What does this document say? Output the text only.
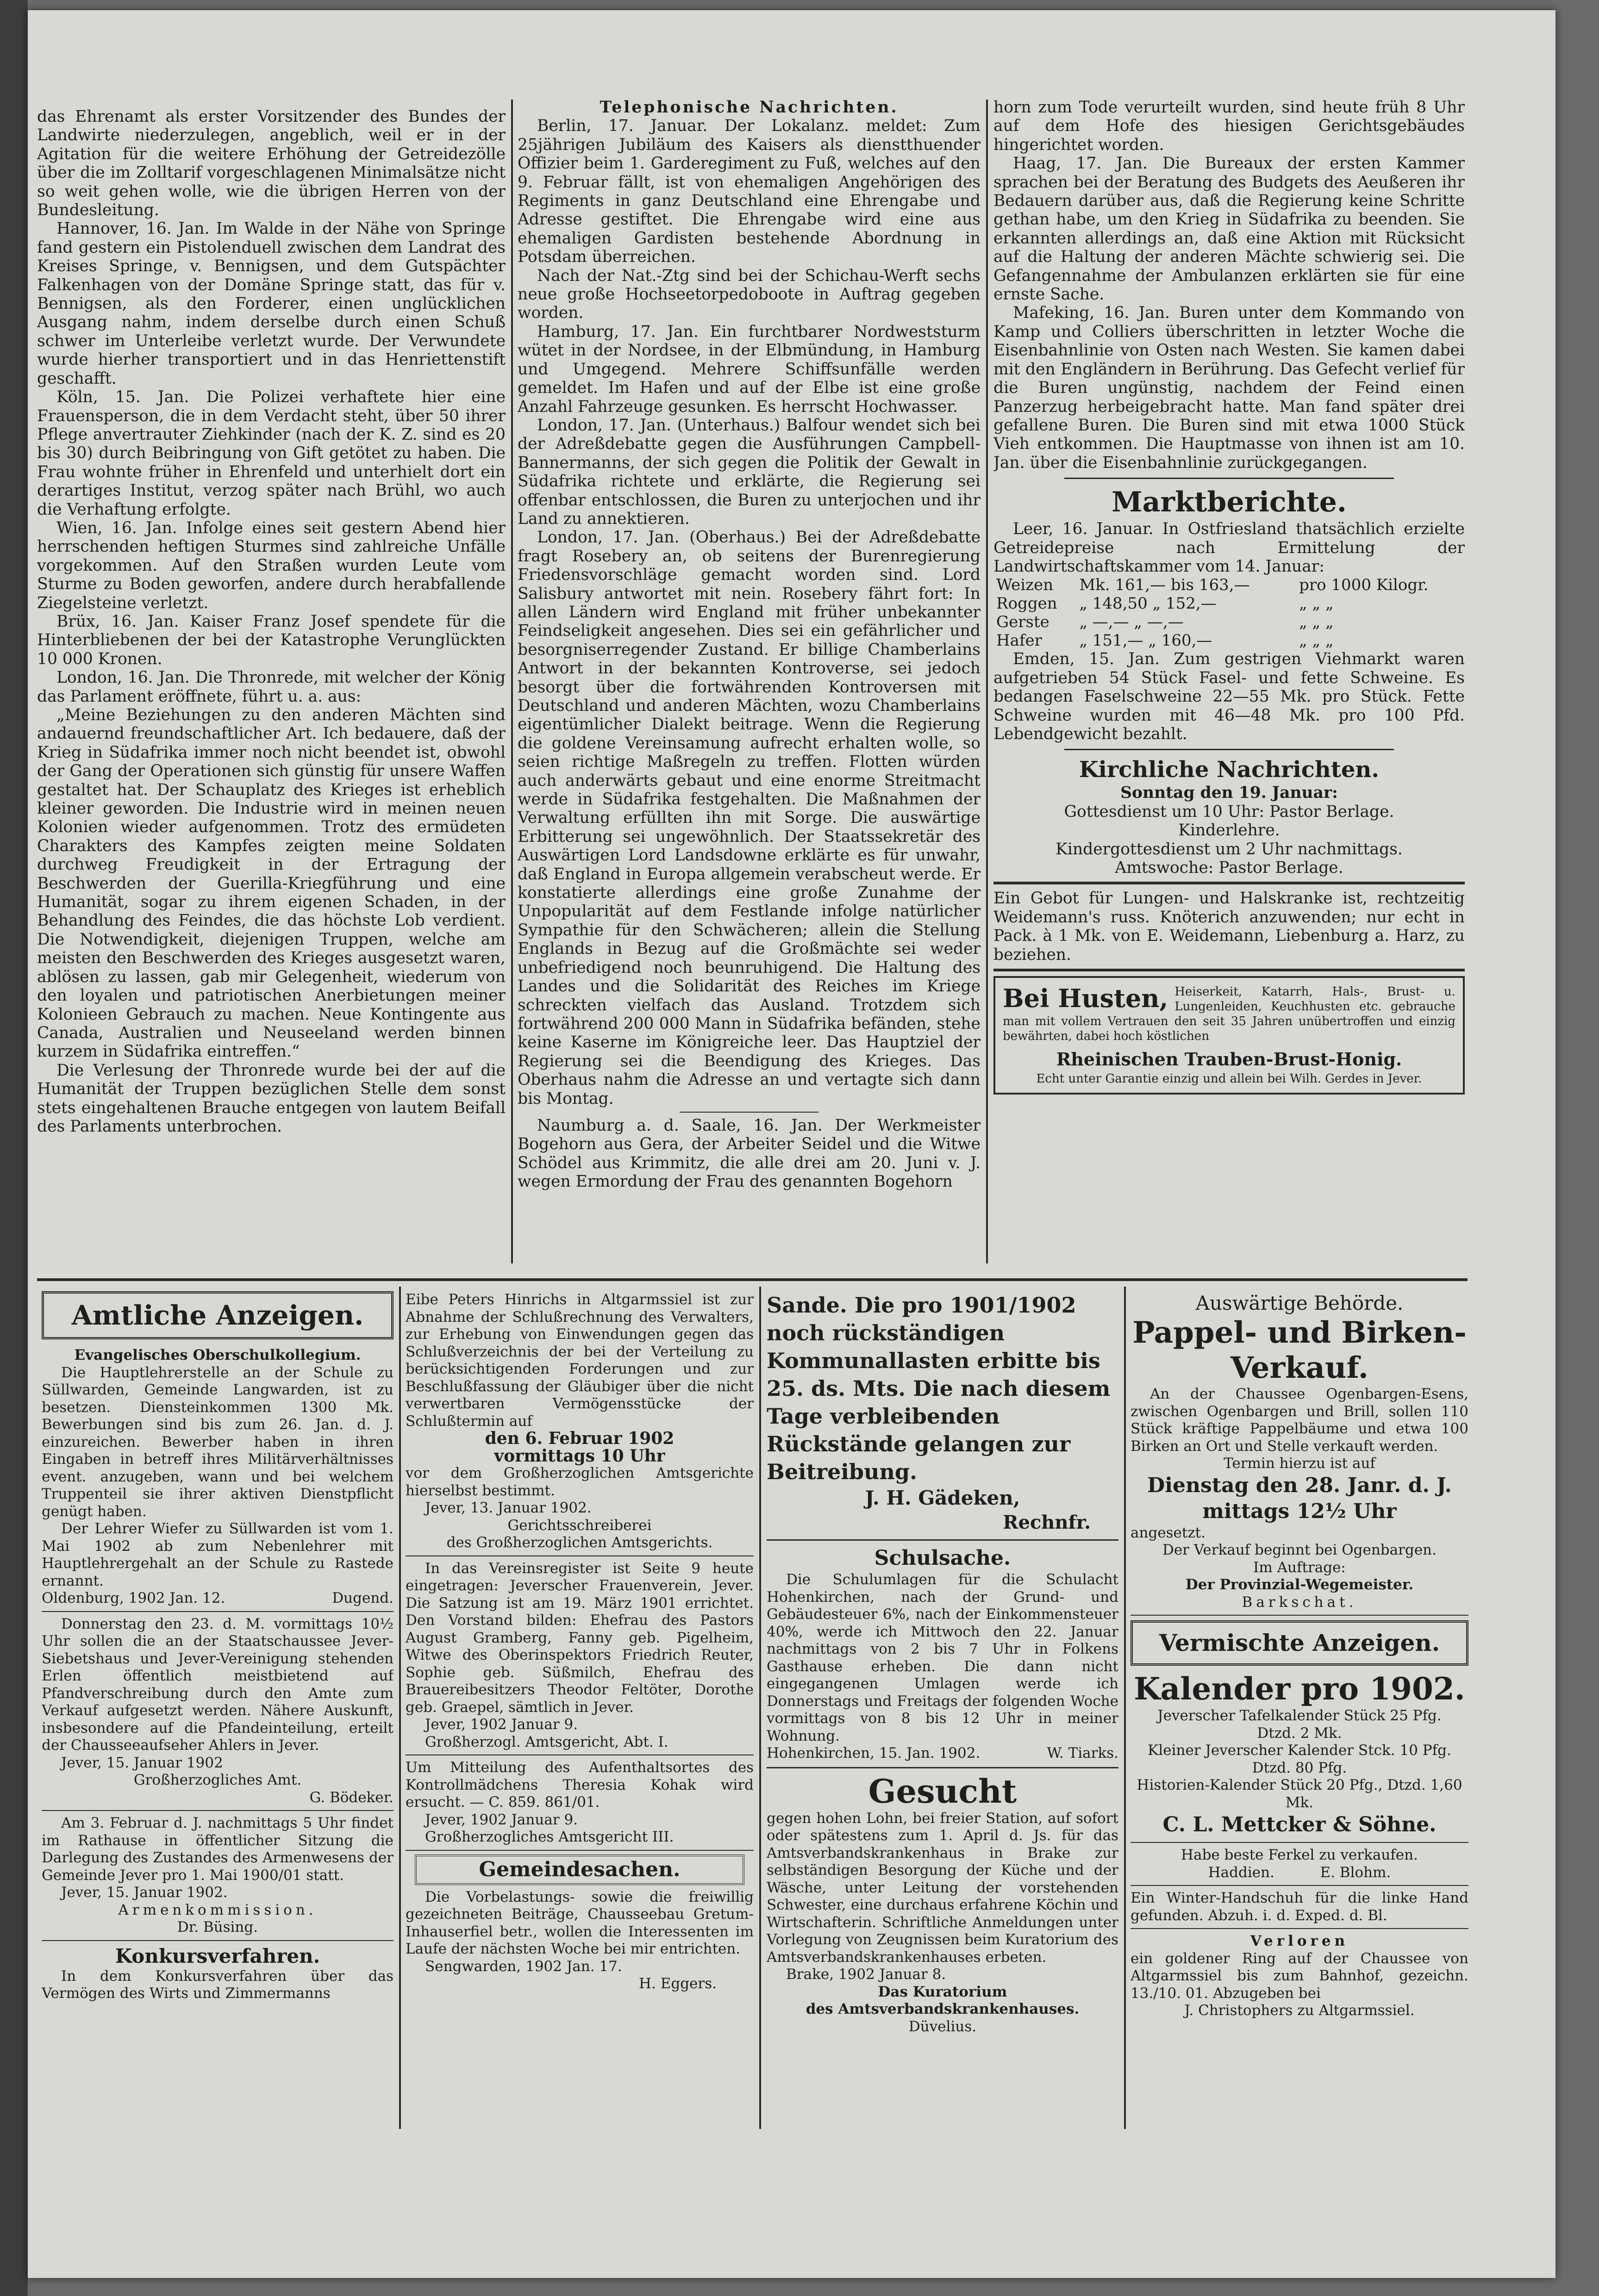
das Ehrenamt als erster Vorsitzender des Bundes der Landwirte niederzulegen, angeblich, weil er in der Agitation für die weitere Erhöhung der Getreidezölle über die im Zolltarif vorgeschlagenen Minimalsätze nicht so weit gehen wolle, wie die übrigen Herren von der Bundesleitung.

Hannover, 16. Jan. Im Walde in der Nähe von Springe fand gestern ein Pistolenduell zwischen dem Landrat des Kreises Springe, v. Bennigsen, und dem Gutspächter Falkenhagen von der Domäne Springe statt, das für v. Bennigsen, als den Forderer, einen unglücklichen Ausgang nahm, indem derselbe durch einen Schuß schwer im Unterleibe verletzt wurde. Der Verwundete wurde hierher transportiert und in das Henriettenstift geschafft.

Köln, 15. Jan. Die Polizei verhaftete hier eine Frauensperson, die in dem Verdacht steht, über 50 ihrer Pflege anvertrauter Ziehkinder (nach der K. Z. sind es 20 bis 30) durch Beibringung von Gift getötet zu haben. Die Frau wohnte früher in Ehrenfeld und unterhielt dort ein derartiges Institut, verzog später nach Brühl, wo auch die Verhaftung erfolgte.

Wien, 16. Jan. Infolge eines seit gestern Abend hier herrschenden heftigen Sturmes sind zahlreiche Unfälle vorgekommen. Auf den Straßen wurden Leute vom Sturme zu Boden geworfen, andere durch herabfallende Ziegelsteine verletzt.

Brüx, 16. Jan. Kaiser Franz Josef spendete für die Hinterbliebenen der bei der Katastrophe Verunglückten 10 000 Kronen.

London, 16. Jan. Die Thronrede, mit welcher der König das Parlament eröffnete, führt u. a. aus:

„Meine Beziehungen zu den anderen Mächten sind andauernd freundschaftlicher Art. Ich bedauere, daß der Krieg in Südafrika immer noch nicht beendet ist, obwohl der Gang der Operationen sich günstig für unsere Waffen gestaltet hat. Der Schauplatz des Krieges ist erheblich kleiner geworden. Die Industrie wird in meinen neuen Kolonien wieder aufgenommen. Trotz des ermüdeten Charakters des Kampfes zeigten meine Soldaten durchweg Freudigkeit in der Ertragung der Beschwerden der Guerilla-Kriegführung und eine Humanität, sogar zu ihrem eigenen Schaden, in der Behandlung des Feindes, die das höchste Lob verdient. Die Notwendigkeit, diejenigen Truppen, welche am meisten den Beschwerden des Krieges ausgesetzt waren, ablösen zu lassen, gab mir Gelegenheit, wiederum von den loyalen und patriotischen Anerbietungen meiner Kolonieen Gebrauch zu machen. Neue Kontingente aus Canada, Australien und Neuseeland werden binnen kurzem in Südafrika eintreffen.“

Die Verlesung der Thronrede wurde bei der auf die Humanität der Truppen bezüglichen Stelle dem sonst stets eingehaltenen Brauche entgegen von lautem Beifall des Parlaments unterbrochen.

Telephonische Nachrichten.

Berlin, 17. Januar. Der Lokalanz. meldet: Zum 25jährigen Jubiläum des Kaisers als dienstthuender Offizier beim 1. Garderegiment zu Fuß, welches auf den 9. Februar fällt, ist von ehemaligen Angehörigen des Regiments in ganz Deutschland eine Ehrengabe und Adresse gestiftet. Die Ehrengabe wird eine aus ehemaligen Gardisten bestehende Abordnung in Potsdam überreichen.

Nach der Nat.-Ztg sind bei der Schichau-Werft sechs neue große Hochseetorpedoboote in Auftrag gegeben worden.

Hamburg, 17. Jan. Ein furchtbarer Nordweststurm wütet in der Nordsee, in der Elbmündung, in Hamburg und Umgegend. Mehrere Schiffsunfälle werden gemeldet. Im Hafen und auf der Elbe ist eine große Anzahl Fahrzeuge gesunken. Es herrscht Hochwasser.

London, 17. Jan. (Unterhaus.) Balfour wendet sich bei der Adreßdebatte gegen die Ausführungen Campbell-Bannermanns, der sich gegen die Politik der Gewalt in Südafrika richtete und erklärte, die Regierung sei offenbar entschlossen, die Buren zu unterjochen und ihr Land zu annektieren.

London, 17. Jan. (Oberhaus.) Bei der Adreßdebatte fragt Rosebery an, ob seitens der Burenregierung Friedensvorschläge gemacht worden sind. Lord Salisbury antwortet mit nein. Rosebery fährt fort: In allen Ländern wird England mit früher unbekannter Feindseligkeit angesehen. Dies sei ein gefährlicher und besorgniserregender Zustand. Er billige Chamberlains Antwort in der bekannten Kontroverse, sei jedoch besorgt über die fortwährenden Kontroversen mit Deutschland und anderen Mächten, wozu Chamberlains eigentümlicher Dialekt beitrage. Wenn die Regierung die goldene Vereinsamung aufrecht erhalten wolle, so seien richtige Maßregeln zu treffen. Flotten würden auch anderwärts gebaut und eine enorme Streitmacht werde in Südafrika festgehalten. Die Maßnahmen der Verwaltung erfüllten ihn mit Sorge. Die auswärtige Erbitterung sei ungewöhnlich. Der Staatssekretär des Auswärtigen Lord Landsdowne erklärte es für unwahr, daß England in Europa allgemein verabscheut werde. Er konstatierte allerdings eine große Zunahme der Unpopularität auf dem Festlande infolge natürlicher Sympathie für den Schwächeren; allein die Stellung Englands in Bezug auf die Großmächte sei weder unbefriedigend noch beunruhigend. Die Haltung des Landes und die Solidarität des Reiches im Kriege schreckten vielfach das Ausland. Trotzdem sich fortwährend 200 000 Mann in Südafrika befänden, stehe keine Kaserne im Königreiche leer. Das Hauptziel der Regierung sei die Beendigung des Krieges. Das Oberhaus nahm die Adresse an und vertagte sich dann bis Montag.

Naumburg a. d. Saale, 16. Jan. Der Werkmeister Bogehorn aus Gera, der Arbeiter Seidel und die Witwe Schödel aus Krimmitz, die alle drei am 20. Juni v. J. wegen Ermordung der Frau des genannten Bogehorn

horn zum Tode verurteilt wurden, sind heute früh 8 Uhr auf dem Hofe des hiesigen Gerichtsgebäudes hingerichtet worden.

Haag, 17. Jan. Die Bureaux der ersten Kammer sprachen bei der Beratung des Budgets des Aeußeren ihr Bedauern darüber aus, daß die Regierung keine Schritte gethan habe, um den Krieg in Südafrika zu beenden. Sie erkannten allerdings an, daß eine Aktion mit Rücksicht auf die Haltung der anderen Mächte schwierig sei. Die Gefangennahme der Ambulanzen erklärten sie für eine ernste Sache.

Mafeking, 16. Jan. Buren unter dem Kommando von Kamp und Colliers überschritten in letzter Woche die Eisenbahnlinie von Osten nach Westen. Sie kamen dabei mit den Engländern in Berührung. Das Gefecht verlief für die Buren ungünstig, nachdem der Feind einen Panzerzug herbeigebracht hatte. Man fand später drei gefallene Buren. Die Buren sind mit etwa 1000 Stück Vieh entkommen. Die Hauptmasse von ihnen ist am 10. Jan. über die Eisenbahnlinie zurückgegangen.

Marktberichte.

Leer, 16. Januar. In Ostfriesland thatsächlich erzielte Getreidepreise nach Ermittelung der Landwirtschaftskammer vom 14. Januar:

Weizen	Mk. 161,— bis 163,—	pro 1000 Kilogr.
Roggen	„ 148,50 „ 152,—	„ „ „
Gerste	„ —,— „ —,—	„ „ „
Hafer	„ 151,— „ 160,—	„ „ „

Emden, 15. Jan. Zum gestrigen Viehmarkt waren aufgetrieben 54 Stück Fasel- und fette Schweine. Es bedangen Faselschweine 22—55 Mk. pro Stück. Fette Schweine wurden mit 46—48 Mk. pro 100 Pfd. Lebendgewicht bezahlt.

Kirchliche Nachrichten.

Sonntag den 19. Januar:

Gottesdienst um 10 Uhr: Pastor Berlage.

Kinderlehre.

Kindergottesdienst um 2 Uhr nachmittags.

Amtswoche: Pastor Berlage.

Ein Gebot für Lungen- und Halskranke ist, rechtzeitig Weidemann's russ. Knöterich anzuwenden; nur echt in Pack. à 1 Mk. von E. Weidemann, Liebenburg a. Harz, zu beziehen.

Bei Husten, Heiserkeit, Katarrh, Hals-, Brust- u. Lungenleiden, Keuchhusten etc. gebrauche man mit vollem Vertrauen den seit 35 Jahren unübertroffen und einzig bewährten, dabei hoch köstlichen
Rheinischen Trauben-Brust-Honig.
Echt unter Garantie einzig und allein bei Wilh. Gerdes in Jever.
Amtliche Anzeigen.

Evangelisches Oberschulkollegium.

Die Hauptlehrerstelle an der Schule zu Süllwarden, Gemeinde Langwarden, ist zu besetzen. Diensteinkommen 1300 Mk. Bewerbungen sind bis zum 26. Jan. d. J. einzureichen. Bewerber haben in ihren Eingaben in betreff ihres Militärverhältnisses event. anzugeben, wann und bei welchem Truppenteil sie ihrer aktiven Dienstpflicht genügt haben.

Der Lehrer Wiefer zu Süllwarden ist vom 1. Mai 1902 ab zum Nebenlehrer mit Hauptlehrergehalt an der Schule zu Rastede ernannt.

Oldenburg, 1902 Jan. 12.	Dugend.

Donnerstag den 23. d. M. vormittags 10½ Uhr sollen die an der Staatschaussee Jever-Siebetshaus und Jever-Vereinigung stehenden Erlen öffentlich meistbietend auf Pfandverschreibung durch den Amte zum Verkauf aufgesetzt werden. Nähere Auskunft, insbesondere auf die Pfandeinteilung, erteilt der Chausseeaufseher Ahlers in Jever.

Jever, 15. Januar 1902

Großherzogliches Amt.

G. Bödeker.

Am 3. Februar d. J. nachmittags 5 Uhr findet im Rathause in öffentlicher Sitzung die Darlegung des Zustandes des Armenwesens der Gemeinde Jever pro 1. Mai 1900/01 statt.

Jever, 15. Januar 1902.

Armenkommission.

Dr. Büsing.

Konkursverfahren.

In dem Konkursverfahren über das Vermögen des Wirts und Zimmermanns

Eibe Peters Hinrichs in Altgarmssiel ist zur Abnahme der Schlußrechnung des Verwalters, zur Erhebung von Einwendungen gegen das Schlußverzeichnis der bei der Verteilung zu berücksichtigenden Forderungen und zur Beschlußfassung der Gläubiger über die nicht verwertbaren Vermögensstücke der Schlußtermin auf

den 6. Februar 1902

vormittags 10 Uhr

vor dem Großherzoglichen Amtsgerichte hierselbst bestimmt.

Jever, 13. Januar 1902.

Gerichtsschreiberei

des Großherzoglichen Amtsgerichts.

In das Vereinsregister ist Seite 9 heute eingetragen: Jeverscher Frauenverein, Jever. Die Satzung ist am 19. März 1901 errichtet. Den Vorstand bilden: Ehefrau des Pastors August Gramberg, Fanny geb. Pigelheim, Witwe des Oberinspektors Friedrich Reuter, Sophie geb. Süßmilch, Ehefrau des Brauereibesitzers Theodor Feltöter, Dorothe geb. Graepel, sämtlich in Jever.

Jever, 1902 Januar 9.

Großherzogl. Amtsgericht, Abt. I.

Um Mitteilung des Aufenthaltsortes des Kontrollmädchens Theresia Kohak wird ersucht. — C. 859. 861/01.

Jever, 1902 Januar 9.

Großherzogliches Amtsgericht III.

Gemeindesachen.

Die Vorbelastungs- sowie die freiwillig gezeichneten Beiträge, Chausseebau Gretum-Inhauserfiel betr., wollen die Interessenten im Laufe der nächsten Woche bei mir entrichten.

Sengwarden, 1902 Jan. 17.

H. Eggers.

Sande. Die pro 1901/1902 noch rückständigen Kommunallasten erbitte bis 25. ds. Mts. Die nach diesem Tage verbleibenden Rückstände gelangen zur Beitreibung.

J. H. Gädeken,

Rechnfr.

Schulsache.

Die Schulumlagen für die Schulacht Hohenkirchen, nach der Grund- und Gebäudesteuer 6%, nach der Einkommensteuer 40%, werde ich Mittwoch den 22. Januar nachmittags von 2 bis 7 Uhr in Folkens Gasthause erheben. Die dann nicht eingegangenen Umlagen werde ich Donnerstags und Freitags der folgenden Woche vormittags von 8 bis 12 Uhr in meiner Wohnung.

Hohenkirchen, 15. Jan. 1902.	W. Tiarks.

Gesucht

gegen hohen Lohn, bei freier Station, auf sofort oder spätestens zum 1. April d. Js. für das Amtsverbandskrankenhaus in Brake zur selbständigen Besorgung der Küche und der Wäsche, unter Leitung der vorstehenden Schwester, eine durchaus erfahrene Köchin und Wirtschafterin. Schriftliche Anmeldungen unter Vorlegung von Zeugnissen beim Kuratorium des Amtsverbandskrankenhauses erbeten.

Brake, 1902 Januar 8.

Das Kuratorium

des Amtsverbandskrankenhauses.

Düvelius.

Auswärtige Behörde.

Pappel- und Birken-Verkauf.

An der Chaussee Ogenbargen-Esens, zwischen Ogenbargen und Brill, sollen 110 Stück kräftige Pappelbäume und etwa 100 Birken an Ort und Stelle verkauft werden.

Termin hierzu ist auf

Dienstag den 28. Janr. d. J. mittags 12½ Uhr

angesetzt.

Der Verkauf beginnt bei Ogenbargen.

Im Auftrage:

Der Provinzial-Wegemeister.

Barkschat.

Vermischte Anzeigen.

Kalender pro 1902.

Jeverscher Tafelkalender Stück 25 Pfg.

Dtzd. 2 Mk.

Kleiner Jeverscher Kalender Stck. 10 Pfg.

Dtzd. 80 Pfg.

Historien-Kalender Stück 20 Pfg., Dtzd. 1,60 Mk.

C. L. Mettcker & Söhne.

Habe beste Ferkel zu verkaufen.

Haddien.          E. Blohm.

Ein Winter-Handschuh für die linke Hand gefunden. Abzuh. i. d. Exped. d. Bl.

Verloren

ein goldener Ring auf der Chaussee von Altgarmssiel bis zum Bahnhof, gezeichn. 13./10. 01. Abzugeben bei

J. Christophers zu Altgarmssiel.
